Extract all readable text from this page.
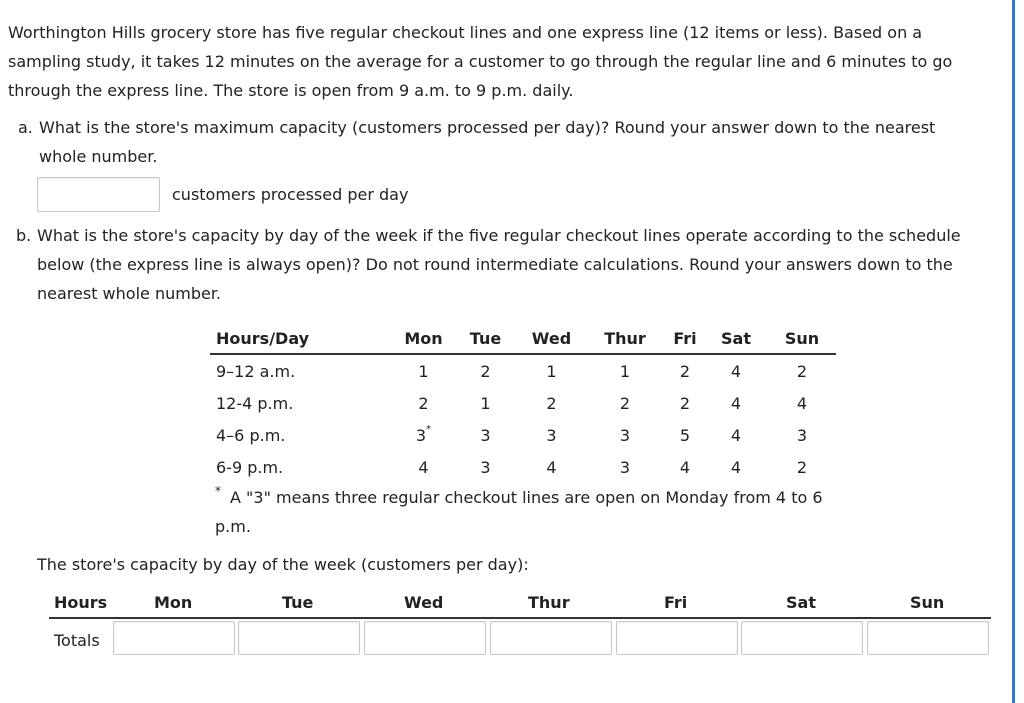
Worthington Hills grocery store has five regular checkout lines and one express line (12 items or less). Based on a sampling study, it takes 12 minutes on the average for a customer to go through the regular line and 6 minutes to go through the express line. The store is open from 9 a.m. to 9 p.m. daily.

a. What is the store's maximum capacity (customers processed per day)? Round your answer down to the nearest whole number.
customers processed per day
b. What is the store's capacity by day of the week if the five regular checkout lines operate according to the schedule below (the express line is always open)? Do not round intermediate calculations. Round your answers down to the nearest whole number.
Hours/Day	Mon	Tue	Wed	Thur	Fri	Sat	Sun
9–12 a.m.	1	2	1	1	2	4	2
12-4 p.m.	2	1	2	2	2	4	4
4–6 p.m.	3*	3	3	3	5	4	3
6-9 p.m.	4	3	4	3	4	4	2
* A "3" means three regular checkout lines are open on Monday from 4 to 6 p.m.
The store's capacity by day of the week (customers per day):
Hours	Mon	Tue	Wed	Thur	Fri	Sat	Sun
Totals
